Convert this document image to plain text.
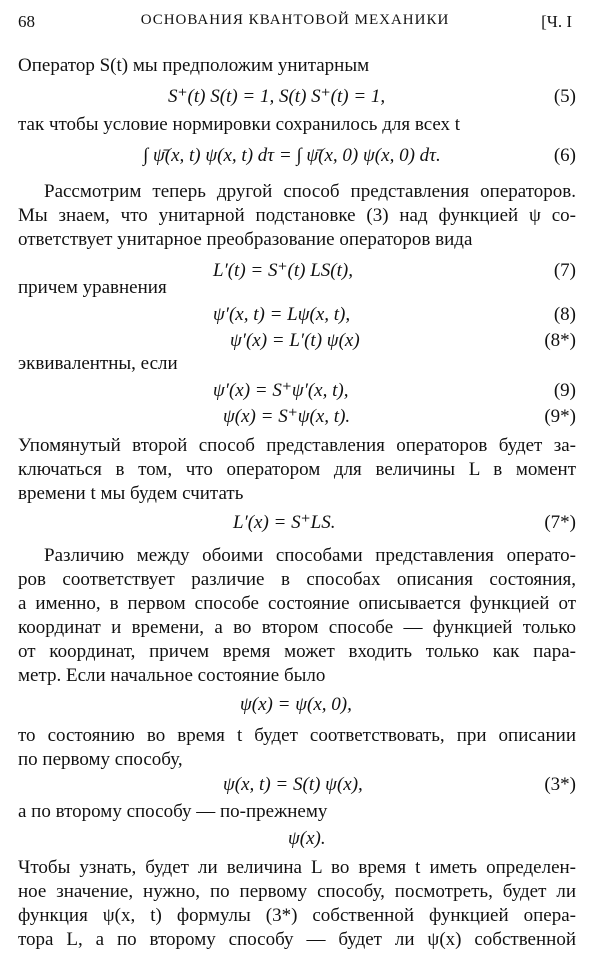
68	ОСНОВАНИЯ КВАНТОВОЙ МЕХАНИКИ	[Ч. I
Оператор S(t) мы предположим унитарным
S⁺(t) S(t) = 1, S(t) S⁺(t) = 1,	(5)
так чтобы условие нормировки сохранилось для всех t
∫ ψ̄(x, t) ψ(x, t) dτ = ∫ ψ̄(x, 0) ψ(x, 0) dτ.	(6)
Рассмотрим теперь другой способ представления операторов.
Мы знаем, что унитарной подстановке (3) над функцией ψ со-
ответствует унитарное преобразование операторов вида
L′(t) = S⁺(t) LS(t),	(7)
причем уравнения
ψ′(x, t) = Lψ(x, t),	(8)
ψ′(x) = L′(t) ψ(x)	(8*)
эквивалентны, если
ψ′(x) = S⁺ψ′(x, t),	(9)
ψ(x) = S⁺ψ(x, t).	(9*)
Упомянутый второй способ представления операторов будет за-
ключаться в том, что оператором для величины L в момент
времени t мы будем считать
L′(x) = S⁺LS.	(7*)
Различию между обоими способами представления операто-
ров соответствует различие в способах описания состояния,
а именно, в первом способе состояние описывается функцией от
координат и времени, а во втором способе — функцией только
от координат, причем время может входить только как пара-
метр. Если начальное состояние было
ψ(x) = ψ(x, 0),
то состоянию во время t будет соответствовать, при описании
по первому способу,
ψ(x, t) = S(t) ψ(x),	(3*)
а по второму способу — по-прежнему
ψ(x).
Чтобы узнать, будет ли величина L во время t иметь определен-
ное значение, нужно, по первому способу, посмотреть, будет ли
функция ψ(x, t) формулы (3*) собственной функцией опера-
тора L, а по второму способу — будет ли ψ(x) собственной
